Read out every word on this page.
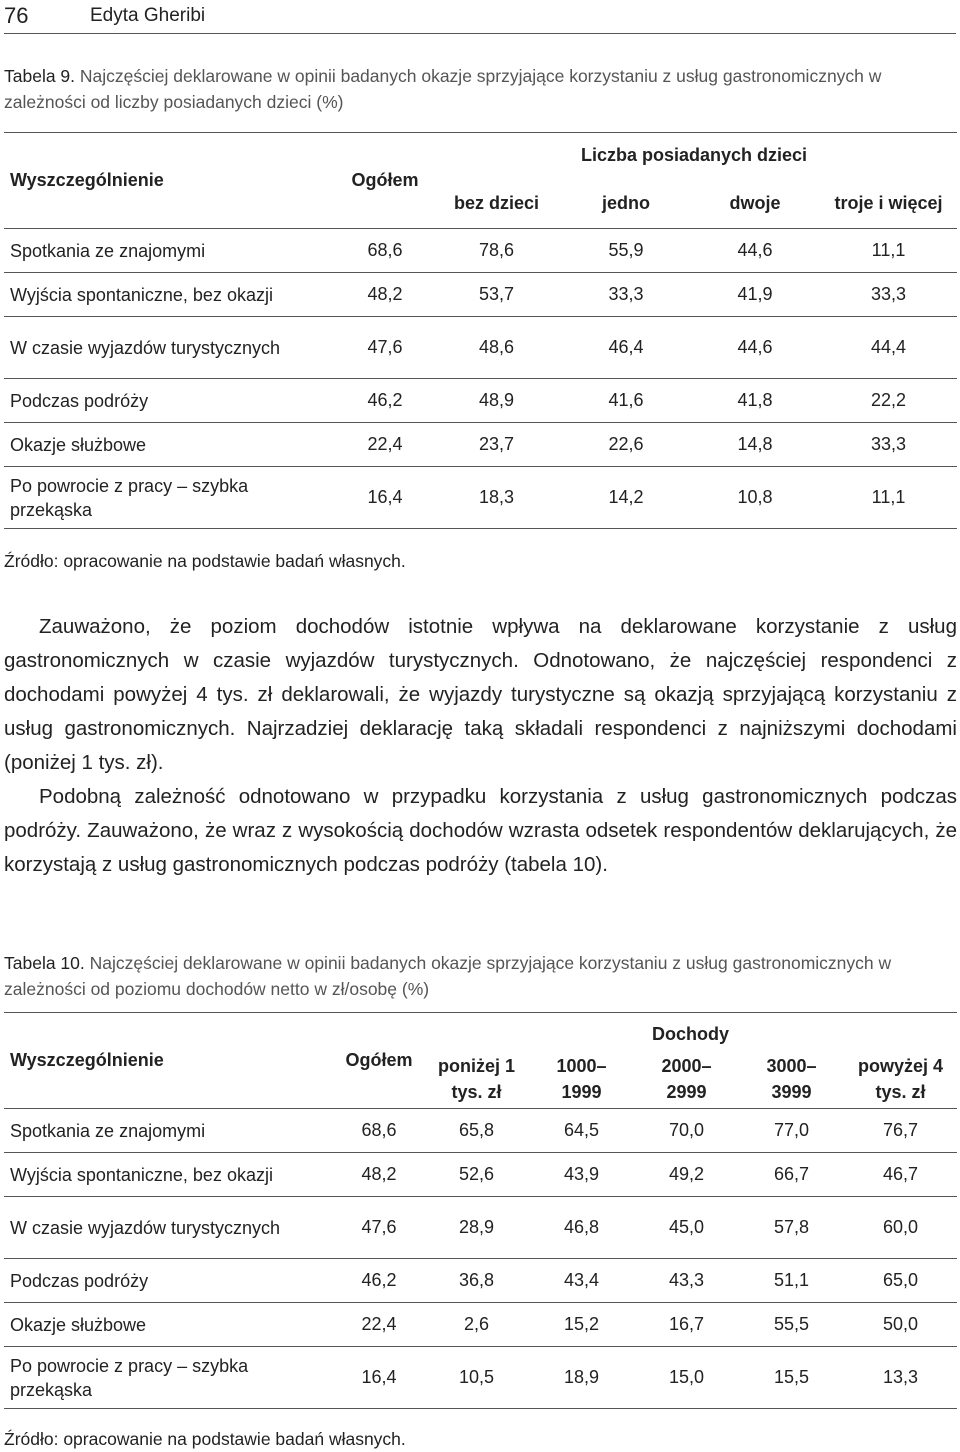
76	Edyta Gheribi
Tabela 9. Najczęściej deklarowane w opinii badanych okazje sprzyjające korzystaniu z usług gastronomicznych w zależności od liczby posiadanych dzieci (%)
Wyszczególnienie	Ogółem	Liczba posiadanych dzieci			
		bez dzieci	jedno	dwoje	troje i więcej
Spotkania ze znajomymi	68,6	78,6	55,9	44,6	11,1
Wyjścia spontaniczne, bez okazji	48,2	53,7	33,3	41,9	33,3
W czasie wyjazdów turystycznych	47,6	48,6	46,4	44,6	44,4
Podczas podróży	46,2	48,9	41,6	41,8	22,2
Okazje służbowe	22,4	23,7	22,6	14,8	33,3
Po powrocie z pracy – szybka przekąska	16,4	18,3	14,2	10,8	11,1
Źródło: opracowanie na podstawie badań własnych.

Zauważono, że poziom dochodów istotnie wpływa na deklarowane korzystanie z usług gastronomicznych w czasie wyjazdów turystycznych. Odnotowano, że najczęściej respondenci z dochodami powyżej 4 tys. zł deklarowali, że wyjazdy turystyczne są okazją sprzyjającą korzystaniu z usług gastronomicznych. Najrzadziej deklarację taką składali respondenci z najniższymi dochodami (poniżej 1 tys. zł).

Podobną zależność odnotowano w przypadku korzystania z usług gastronomicznych podczas podróży. Zauważono, że wraz z wysokością dochodów wzrasta odsetek respondentów deklarujących, że korzystają z usług gastronomicznych podczas podróży (tabela 10).

Tabela 10. Najczęściej deklarowane w opinii badanych okazje sprzyjające korzystaniu z usług gastronomicznych w zależności od poziomu dochodów netto w zł/osobę (%)
Wyszczególnienie	Ogółem	Dochody				
		poniżej 1 tys. zł	1000– 1999	2000– 2999	3000– 3999	powyżej 4 tys. zł
Spotkania ze znajomymi	68,6	65,8	64,5	70,0	77,0	76,7
Wyjścia spontaniczne, bez okazji	48,2	52,6	43,9	49,2	66,7	46,7
W czasie wyjazdów turystycznych	47,6	28,9	46,8	45,0	57,8	60,0
Podczas podróży	46,2	36,8	43,4	43,3	51,1	65,0
Okazje służbowe	22,4	2,6	15,2	16,7	55,5	50,0
Po powrocie z pracy – szybka przekąska	16,4	10,5	18,9	15,0	15,5	13,3
Źródło: opracowanie na podstawie badań własnych.
